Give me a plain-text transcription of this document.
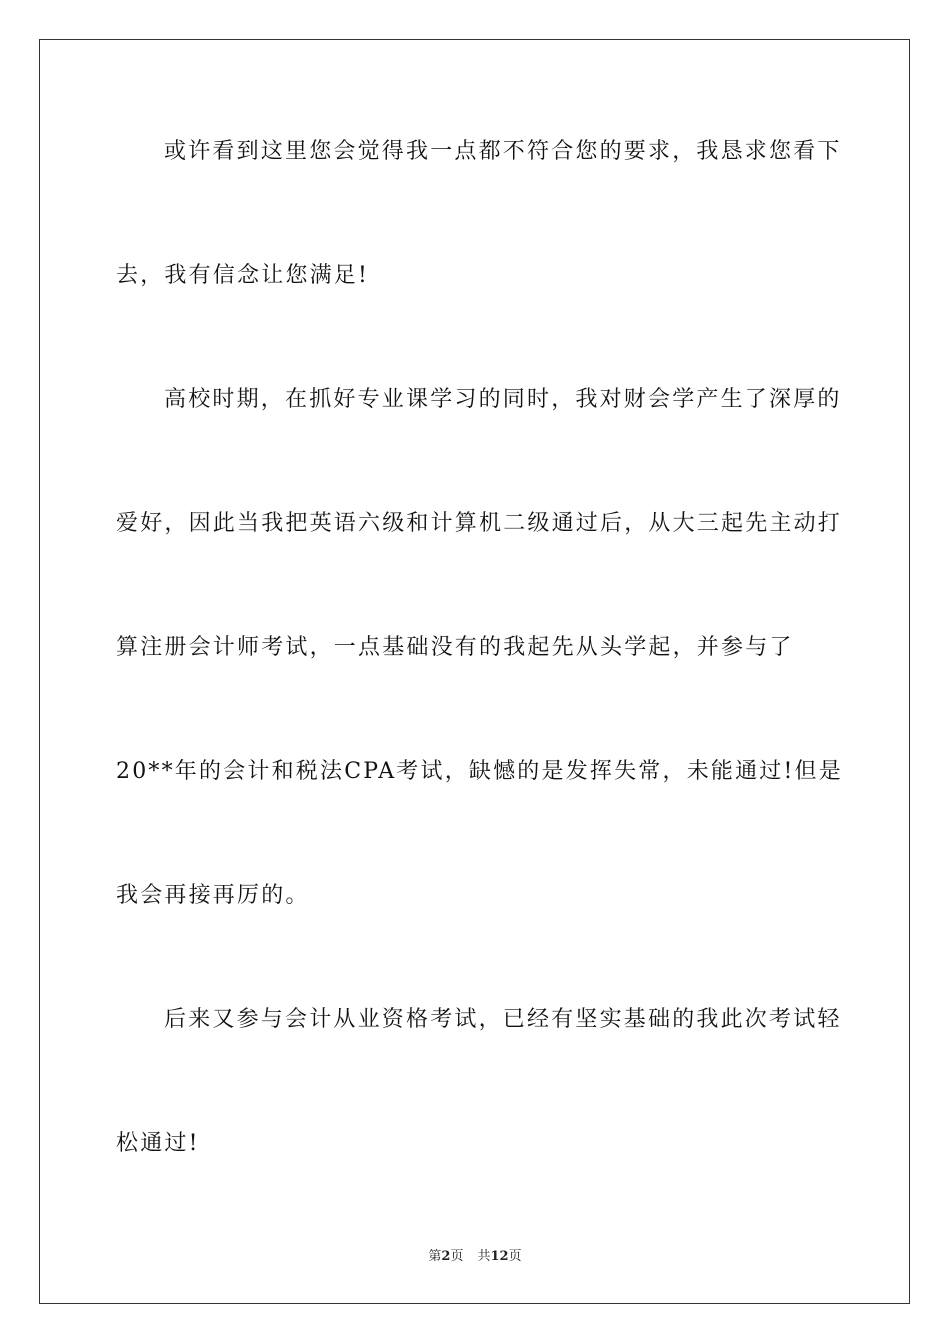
或许看到这里您会觉得我一点都不符合您的要求，我恳求您看下
去，我有信念让您满足!
高校时期，在抓好专业课学习的同时，我对财会学产生了深厚的
爱好，因此当我把英语六级和计算机二级通过后，从大三起先主动打
算注册会计师考试，一点基础没有的我起先从头学起，并参与了
20**年的会计和税法CPA考试，缺憾的是发挥失常，未能通过!但是
我会再接再厉的。
后来又参与会计从业资格考试，已经有坚实基础的我此次考试轻
松通过!
第2页 共12页
